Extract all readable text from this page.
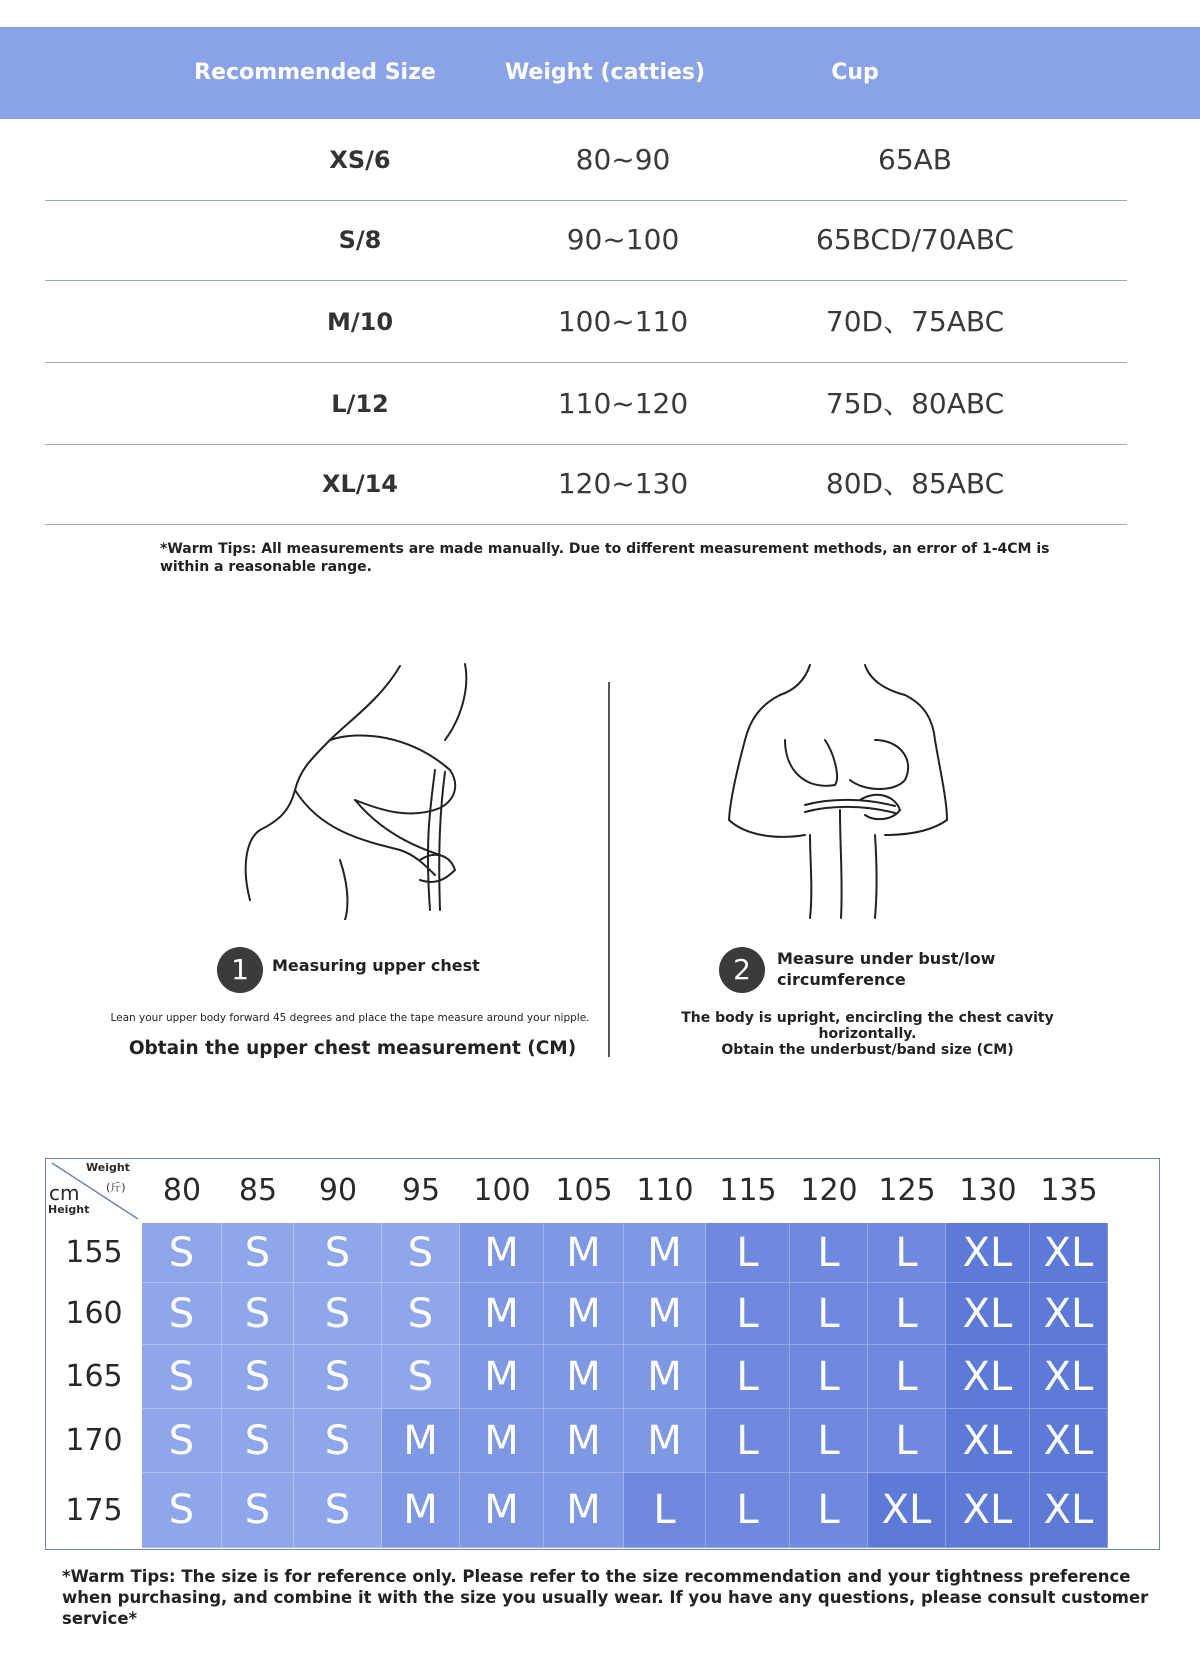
Recommended Size	Weight (catties)	Cup
XS/6	80~90	65AB
S/8	90~100	65BCD/70ABC
M/10	100~110	70D、75ABC
L/12	110~120	75D、80ABC
XL/14	120~130	80D、85ABC
*Warm Tips: All measurements are made manually. Due to different measurement methods, an error of 1-4CM is within a reasonable range.
1	Measuring upper chest
Lean your upper body forward 45 degrees and place the tape measure around your nipple.
Obtain the upper chest measurement (CM)
2	Measure under bust/low circumference
The body is upright, encircling the chest cavity horizontally.
Obtain the underbust/band size (CM)
Weight
(斤)
cm
Height
80	85	90	95	100 105 110 115 120 125 130 135
155	S	S	S	S	M	M	M	L	L	L	XL XL
160	S	S	S	S	M	M	M	L	L	L	XL XL
165	S	S	S	S	M	M	M	L	L	L	XL XL
170	S	S	S	M	M	M	M	L	L	L	XL XL
175	S	S	S	M	M	M	L	L	L	XL XL XL
*Warm Tips: The size is for reference only. Please refer to the size recommendation and your tightness preference when purchasing, and combine it with the size you usually wear. If you have any questions, please consult customer service*
